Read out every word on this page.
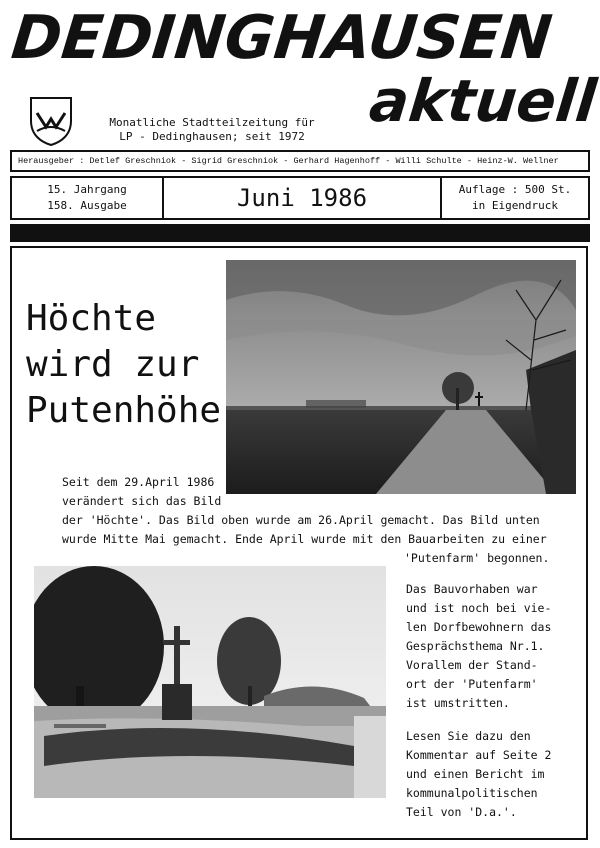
DEDINGHAUSEN
aktuell
Monatliche Stadtteilzeitung für
LP - Dedinghausen; seit 1972
Herausgeber : Detlef Greschniok - Sigrid Greschniok - Gerhard Hagenhoff - Willi Schulte - Heinz-W. Wellner
15. Jahrgang
158. Ausgabe	Juni 1986	Auflage : 500 St.
in Eigendruck
Höchte
wird zur
Putenhöhe
Seit dem 29.April 1986
verändert sich das Bild
der 'Höchte'. Das Bild oben wurde am 26.April gemacht. Das Bild unten
wurde Mitte Mai gemacht. Ende April wurde mit den Bauarbeiten zu einer
'Putenfarm' begonnen.

Das Bauvorhaben war
und ist noch bei vie-
len Dorfbewohnern das
Gesprächsthema Nr.1.
Vorallem der Stand-
ort der 'Putenfarm'
ist umstritten.

Lesen Sie dazu den
Kommentar auf Seite 2
und einen Bericht im
kommunalpolitischen
Teil von 'D.a.'.
